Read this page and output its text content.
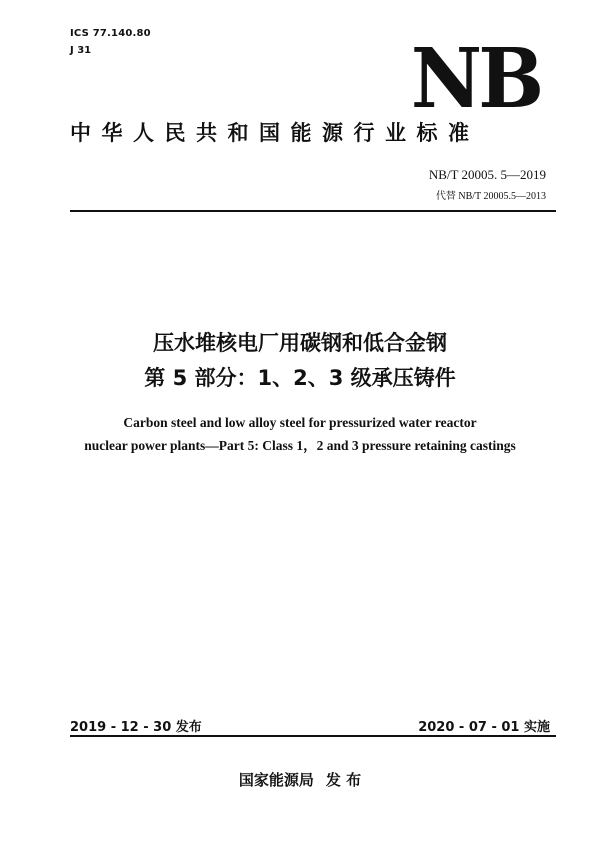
ICS 77.140.80
J 31	NB
中华人民共和国能源行业标准
NB/T 20005. 5—2019
代替 NB/T 20005.5—2013
压水堆核电厂用碳钢和低合金钢
第 5 部分：1、2、3 级承压铸件
Carbon steel and low alloy steel for pressurized water reactor
nuclear power plants—Part 5: Class 1，2 and 3 pressure retaining castings
2019 - 12 - 30 发布	2020 - 07 - 01 实施
国家能源局 发 布
